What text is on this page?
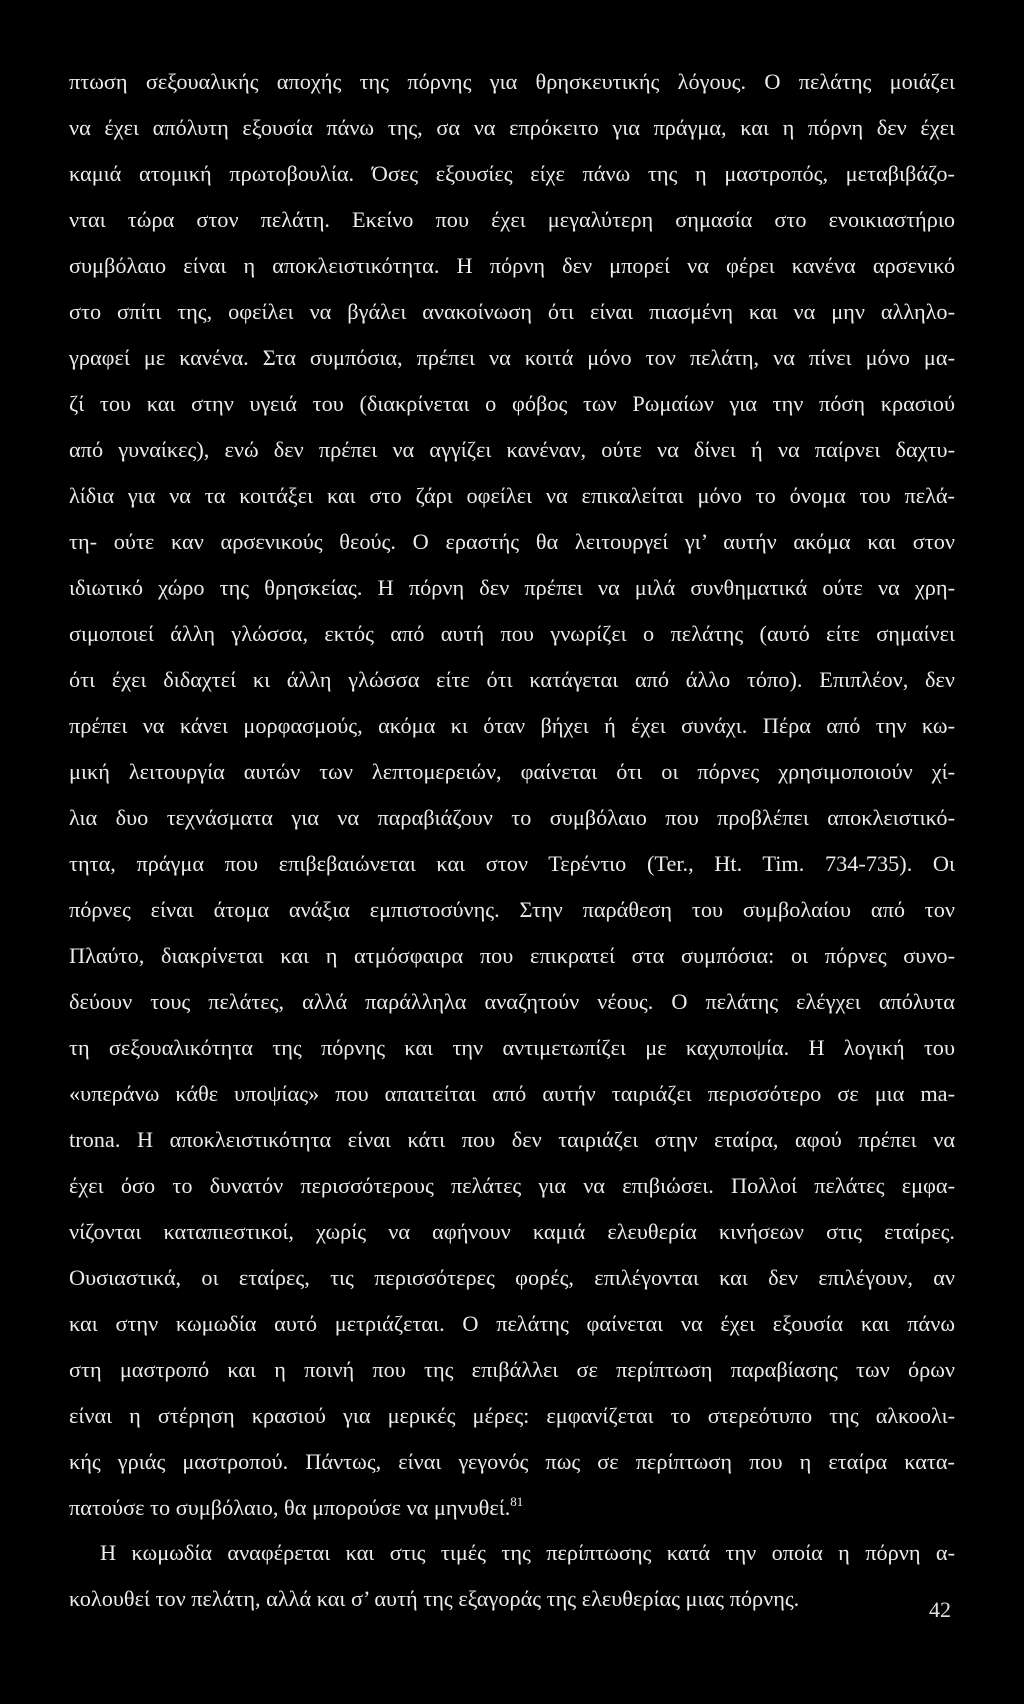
πτωση σεξουαλικής αποχής της πόρνης για θρησκευτικής λόγους. Ο πελάτης μοιάζει
να έχει απόλυτη εξουσία πάνω της, σα να επρόκειτο για πράγμα, και η πόρνη δεν έχει
καμιά ατομική πρωτοβουλία. Όσες εξουσίες είχε πάνω της η μαστροπός, μεταβιβάζο-
νται τώρα στον πελάτη. Εκείνο που έχει μεγαλύτερη σημασία στο ενοικιαστήριο
συμβόλαιο είναι η αποκλειστικότητα. Η πόρνη δεν μπορεί να φέρει κανένα αρσενικό
στο σπίτι της, οφείλει να βγάλει ανακοίνωση ότι είναι πιασμένη και να μην αλληλο-
γραφεί με κανένα. Στα συμπόσια, πρέπει να κοιτά μόνο τον πελάτη, να πίνει μόνο μα-
ζί του και στην υγειά του (διακρίνεται ο φόβος των Ρωμαίων για την πόση κρασιού
από γυναίκες), ενώ δεν πρέπει να αγγίζει κανέναν, ούτε να δίνει ή να παίρνει δαχτυ-
λίδια για να τα κοιτάξει και στο ζάρι οφείλει να επικαλείται μόνο το όνομα του πελά-
τη- ούτε καν αρσενικούς θεούς. Ο εραστής θα λειτουργεί γι’ αυτήν ακόμα και στον
ιδιωτικό χώρο της θρησκείας. Η πόρνη δεν πρέπει να μιλά συνθηματικά ούτε να χρη-
σιμοποιεί άλλη γλώσσα, εκτός από αυτή που γνωρίζει ο πελάτης (αυτό είτε σημαίνει
ότι έχει διδαχτεί κι άλλη γλώσσα είτε ότι κατάγεται από άλλο τόπο). Επιπλέον, δεν
πρέπει να κάνει μορφασμούς, ακόμα κι όταν βήχει ή έχει συνάχι. Πέρα από την κω-
μική λειτουργία αυτών των λεπτομερειών, φαίνεται ότι οι πόρνες χρησιμοποιούν χί-
λια δυο τεχνάσματα για να παραβιάζουν το συμβόλαιο που προβλέπει αποκλειστικό-
τητα, πράγμα που επιβεβαιώνεται και στον Τερέντιο (Ter., Ht. Tim. 734-735). Οι
πόρνες είναι άτομα ανάξια εμπιστοσύνης. Στην παράθεση του συμβολαίου από τον
Πλαύτο, διακρίνεται και η ατμόσφαιρα που επικρατεί στα συμπόσια: οι πόρνες συνο-
δεύουν τους πελάτες, αλλά παράλληλα αναζητούν νέους. Ο πελάτης ελέγχει απόλυτα
τη σεξουαλικότητα της πόρνης και την αντιμετωπίζει με καχυποψία. Η λογική του
«υπεράνω κάθε υποψίας» που απαιτείται από αυτήν ταιριάζει περισσότερο σε μια ma-
trona. Η αποκλειστικότητα είναι κάτι που δεν ταιριάζει στην εταίρα, αφού πρέπει να
έχει όσο το δυνατόν περισσότερους πελάτες για να επιβιώσει. Πολλοί πελάτες εμφα-
νίζονται καταπιεστικοί, χωρίς να αφήνουν καμιά ελευθερία κινήσεων στις εταίρες.
Ουσιαστικά, οι εταίρες, τις περισσότερες φορές, επιλέγονται και δεν επιλέγουν, αν
και στην κωμωδία αυτό μετριάζεται. Ο πελάτης φαίνεται να έχει εξουσία και πάνω
στη μαστροπό και η ποινή που της επιβάλλει σε περίπτωση παραβίασης των όρων
είναι η στέρηση κρασιού για μερικές μέρες: εμφανίζεται το στερεότυπο της αλκοολι-
κής γριάς μαστροπού. Πάντως, είναι γεγονός πως σε περίπτωση που η εταίρα κατα-
πατούσε το συμβόλαιο, θα μπορούσε να μηνυθεί.$^{81}$
Η κωμωδία αναφέρεται και στις τιμές της περίπτωσης κατά την οποία η πόρνη α-
κολουθεί τον πελάτη, αλλά και σ’ αυτή της εξαγοράς της ελευθερίας μιας πόρνης.	42
